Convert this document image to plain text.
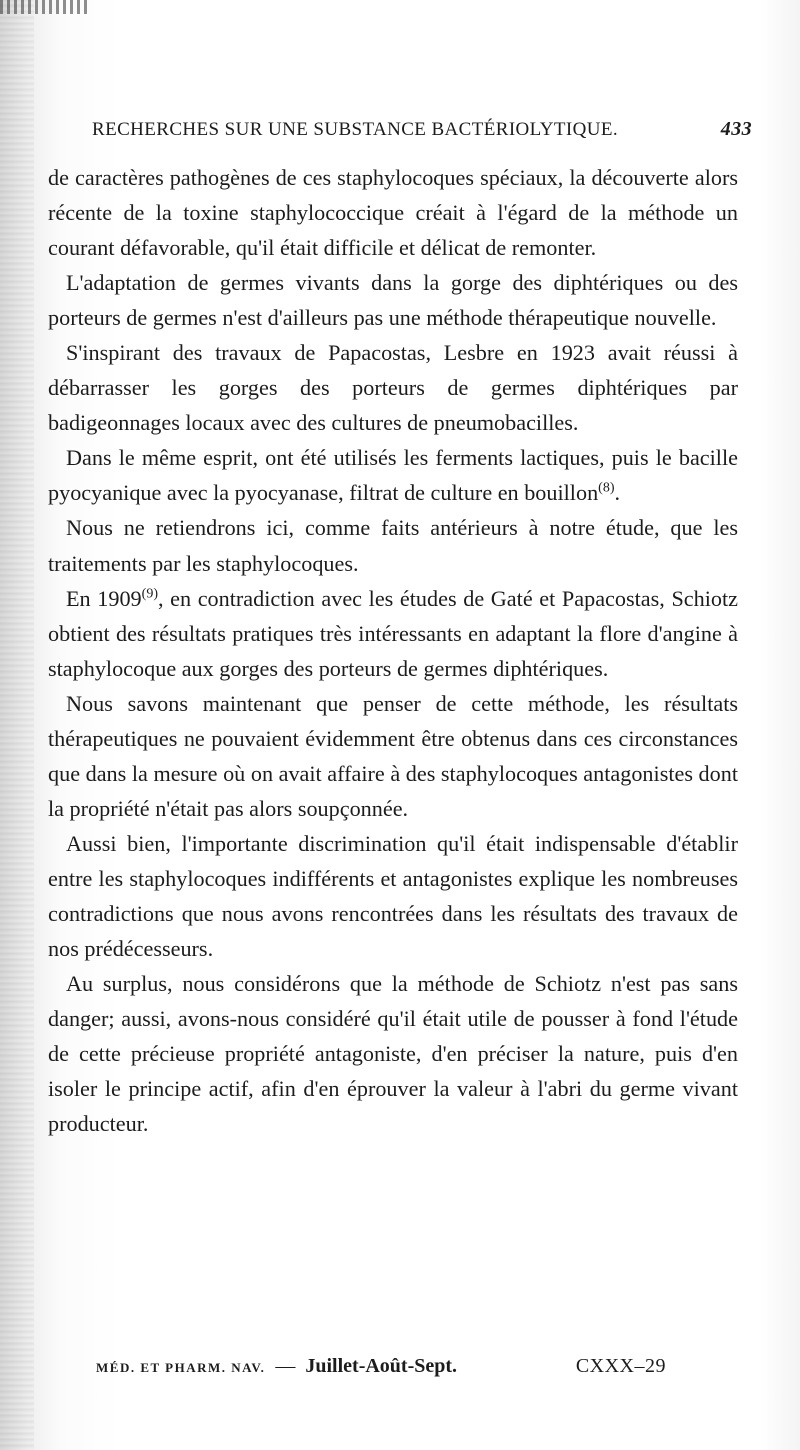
RECHERCHES SUR UNE SUBSTANCE BACTÉRIOLYTIQUE.	433

de caractères pathogènes de ces staphylocoques spéciaux, la découverte alors récente de la toxine staphylococcique créait à l'égard de la méthode un courant défavorable, qu'il était difficile et délicat de remonter.

L'adaptation de germes vivants dans la gorge des diphtériques ou des porteurs de germes n'est d'ailleurs pas une méthode thérapeutique nouvelle.

S'inspirant des travaux de Papacostas, Lesbre en 1923 avait réussi à débarrasser les gorges des porteurs de germes diphtériques par badigeonnages locaux avec des cultures de pneumobacilles.

Dans le même esprit, ont été utilisés les ferments lactiques, puis le bacille pyocyanique avec la pyocyanase, filtrat de culture en bouillon$^{(8)}$.

Nous ne retiendrons ici, comme faits antérieurs à notre étude, que les traitements par les staphylocoques.

En 1909$^{(9)}$, en contradiction avec les études de Gaté et Papacostas, Schiotz obtient des résultats pratiques très intéressants en adaptant la flore d'angine à staphylocoque aux gorges des porteurs de germes diphtériques.

Nous savons maintenant que penser de cette méthode, les résultats thérapeutiques ne pouvaient évidemment être obtenus dans ces circonstances que dans la mesure où on avait affaire à des staphylocoques antagonistes dont la propriété n'était pas alors soupçonnée.

Aussi bien, l'importante discrimination qu'il était indispensable d'établir entre les staphylocoques indifférents et antagonistes explique les nombreuses contradictions que nous avons rencontrées dans les résultats des travaux de nos prédécesseurs.

Au surplus, nous considérons que la méthode de Schiotz n'est pas sans danger; aussi, avons-nous considéré qu'il était utile de pousser à fond l'étude de cette précieuse propriété antagoniste, d'en préciser la nature, puis d'en isoler le principe actif, afin d'en éprouver la valeur à l'abri du germe vivant producteur.

MÉD. ET PHARM. NAV. — Juillet-Août-Sept.	CXXX–29
